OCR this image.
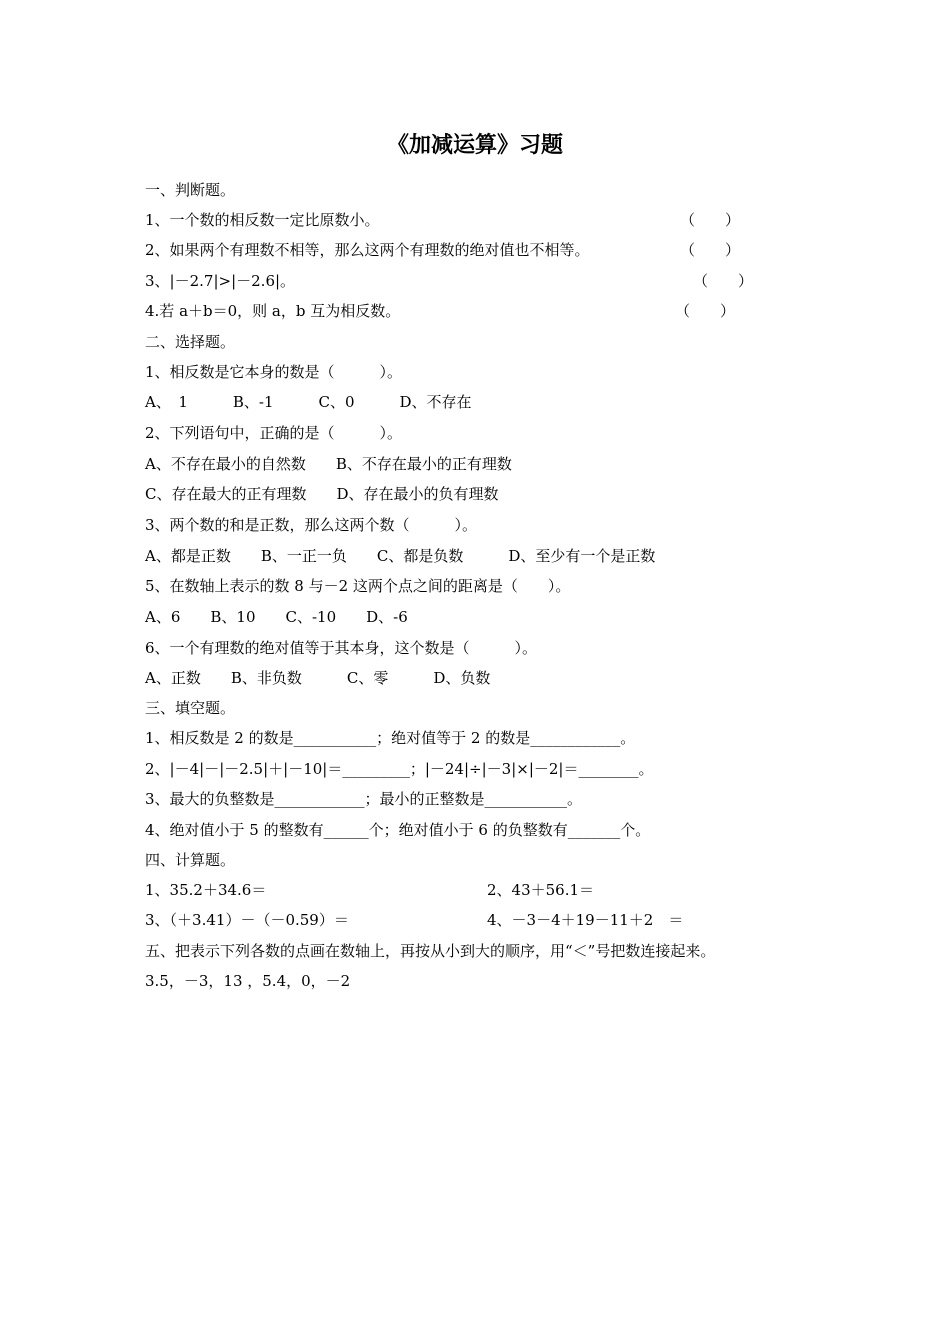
《加减运算》习题
一、判断题。
1、一个数的相反数一定比原数小。	（　　）
2、如果两个有理数不相等，那么这两个有理数的绝对值也不相等。	（　　）
3、|－2.7|>|－2.6|。	（　　）
4.若 a＋b＝0，则 a，b 互为相反数。	（　　）
二、选择题。
1、相反数是它本身的数是（　　　）。
A、　1　　　B、-1　　　C、0　　　D、不存在
2、下列语句中，正确的是（　　　）。
A、不存在最小的自然数　　B、不存在最小的正有理数
C、存在最大的正有理数　　D、存在最小的负有理数
3、两个数的和是正数，那么这两个数（　　　）。
A、都是正数　　B、一正一负　　C、都是负数　　　D、至少有一个是正数
5、在数轴上表示的数 8 与－2 这两个点之间的距离是（　　）。
A、6　　B、10　　C、-10　　D、-6
6、一个有理数的绝对值等于其本身，这个数是（　　　）。
A、正数　　B、非负数　　　C、零　　　D、负数
三、填空题。
1、相反数是 2 的数是___________；绝对值等于 2 的数是____________。
2、|－4|－|－2.5|＋|－10|＝_________；|－24|÷|－3|×|－2|＝________。
3、最大的负整数是____________；最小的正整数是___________。
4、绝对值小于 5 的整数有______个；绝对值小于 6 的负整数有_______个。
四、计算题。
1、35.2＋34.6＝	2、43＋56.1＝
3、（＋3.41）－（－0.59）＝	4、－3－4＋19－11＋2　＝
五、把表示下列各数的点画在数轴上，再按从小到大的顺序，用“＜”号把数连接起来。
3.5，－3，13 ，5.4，0，－2
